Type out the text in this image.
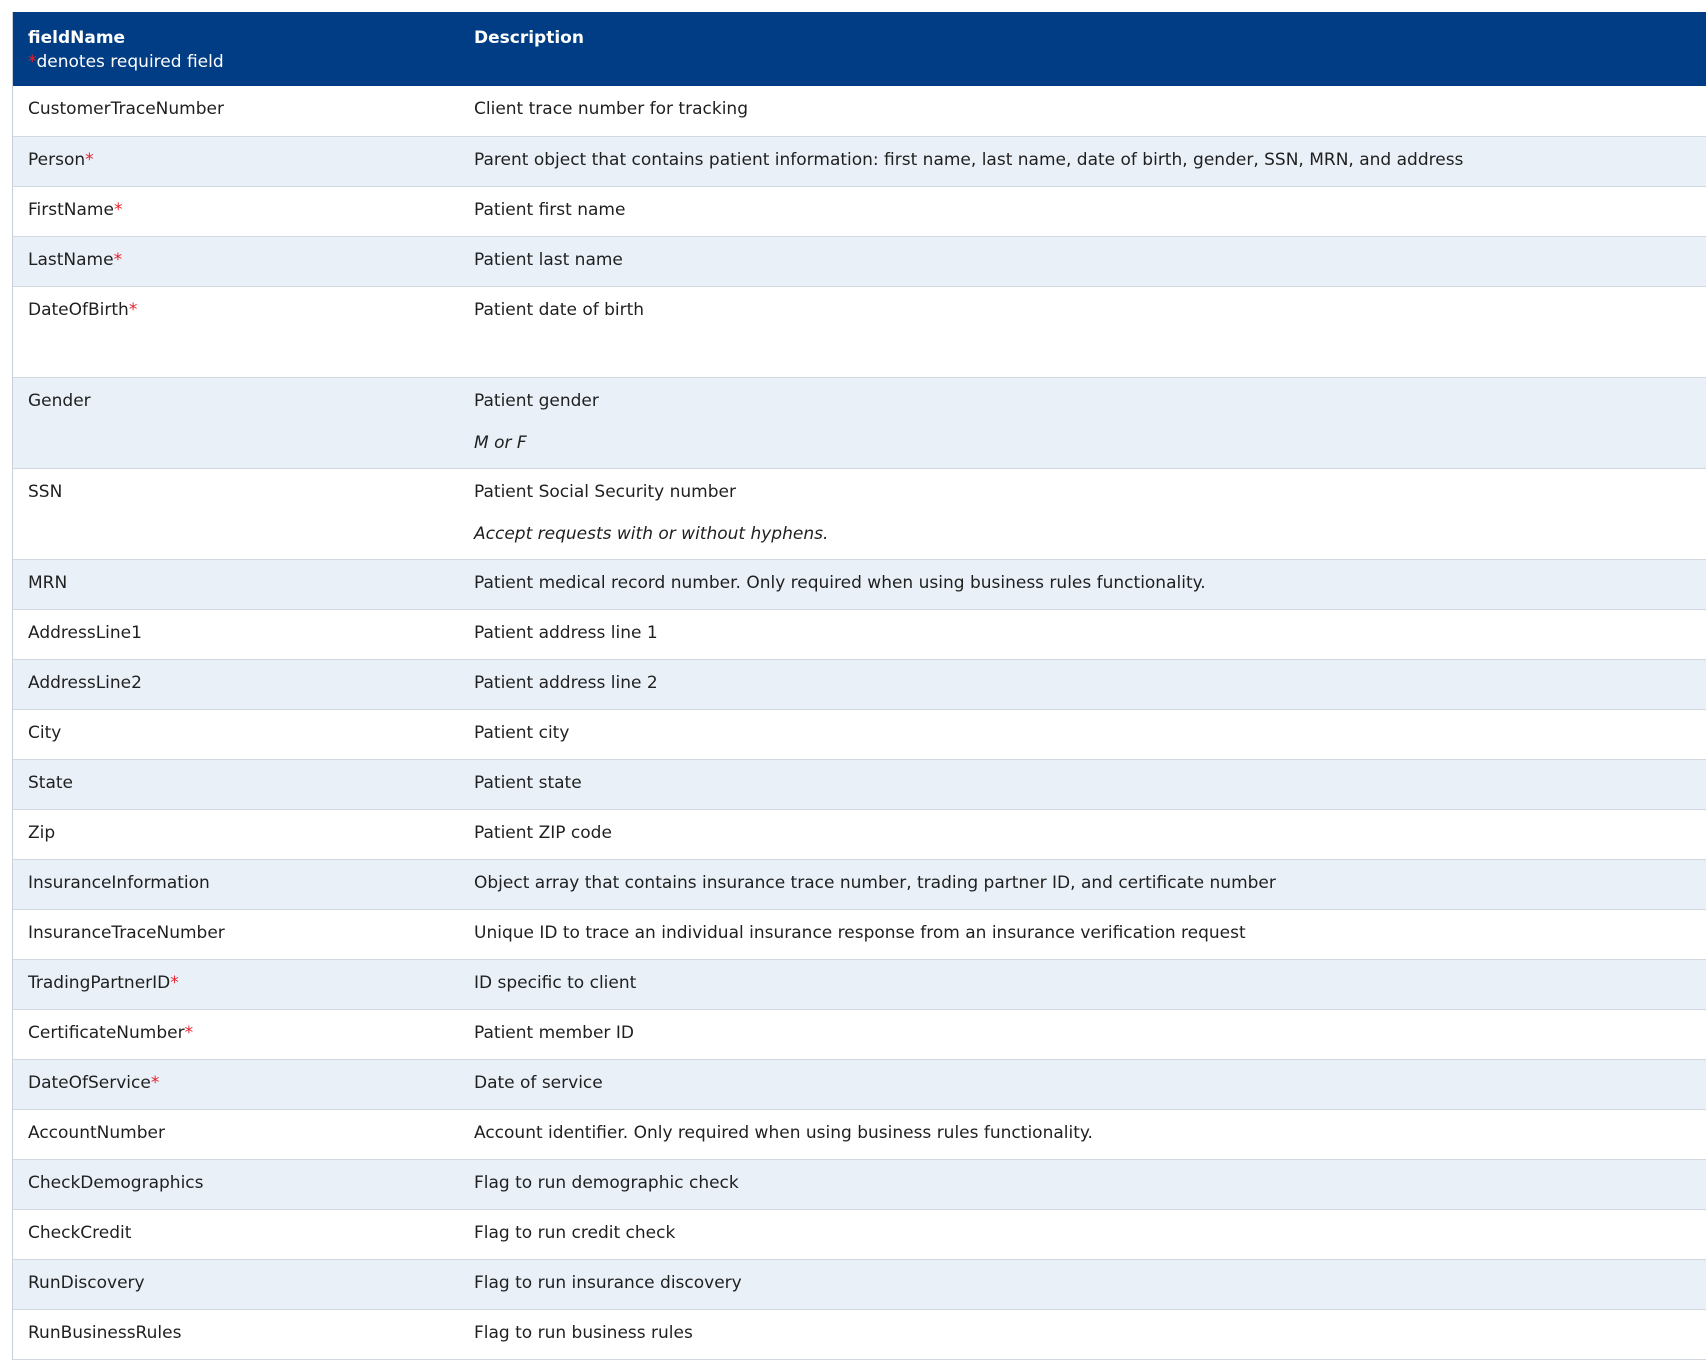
fieldName
*denotes required field	Description
CustomerTraceNumber	Client trace number for tracking
Person*	Parent object that contains patient information: first name, last name, date of birth, gender, SSN, MRN, and address
FirstName*	Patient first name
LastName*	Patient last name
DateOfBirth*	Patient date of birth
Gender	Patient gender
M or F

SSN	Patient Social Security number
Accept requests with or without hyphens.

MRN	Patient medical record number. Only required when using business rules functionality.
AddressLine1	Patient address line 1
AddressLine2	Patient address line 2
City	Patient city
State	Patient state
Zip	Patient ZIP code
InsuranceInformation	Object array that contains insurance trace number, trading partner ID, and certificate number
InsuranceTraceNumber	Unique ID to trace an individual insurance response from an insurance verification request
TradingPartnerID*	ID specific to client
CertificateNumber*	Patient member ID
DateOfService*	Date of service
AccountNumber	Account identifier. Only required when using business rules functionality.
CheckDemographics	Flag to run demographic check
CheckCredit	Flag to run credit check
RunDiscovery	Flag to run insurance discovery
RunBusinessRules	Flag to run business rules
